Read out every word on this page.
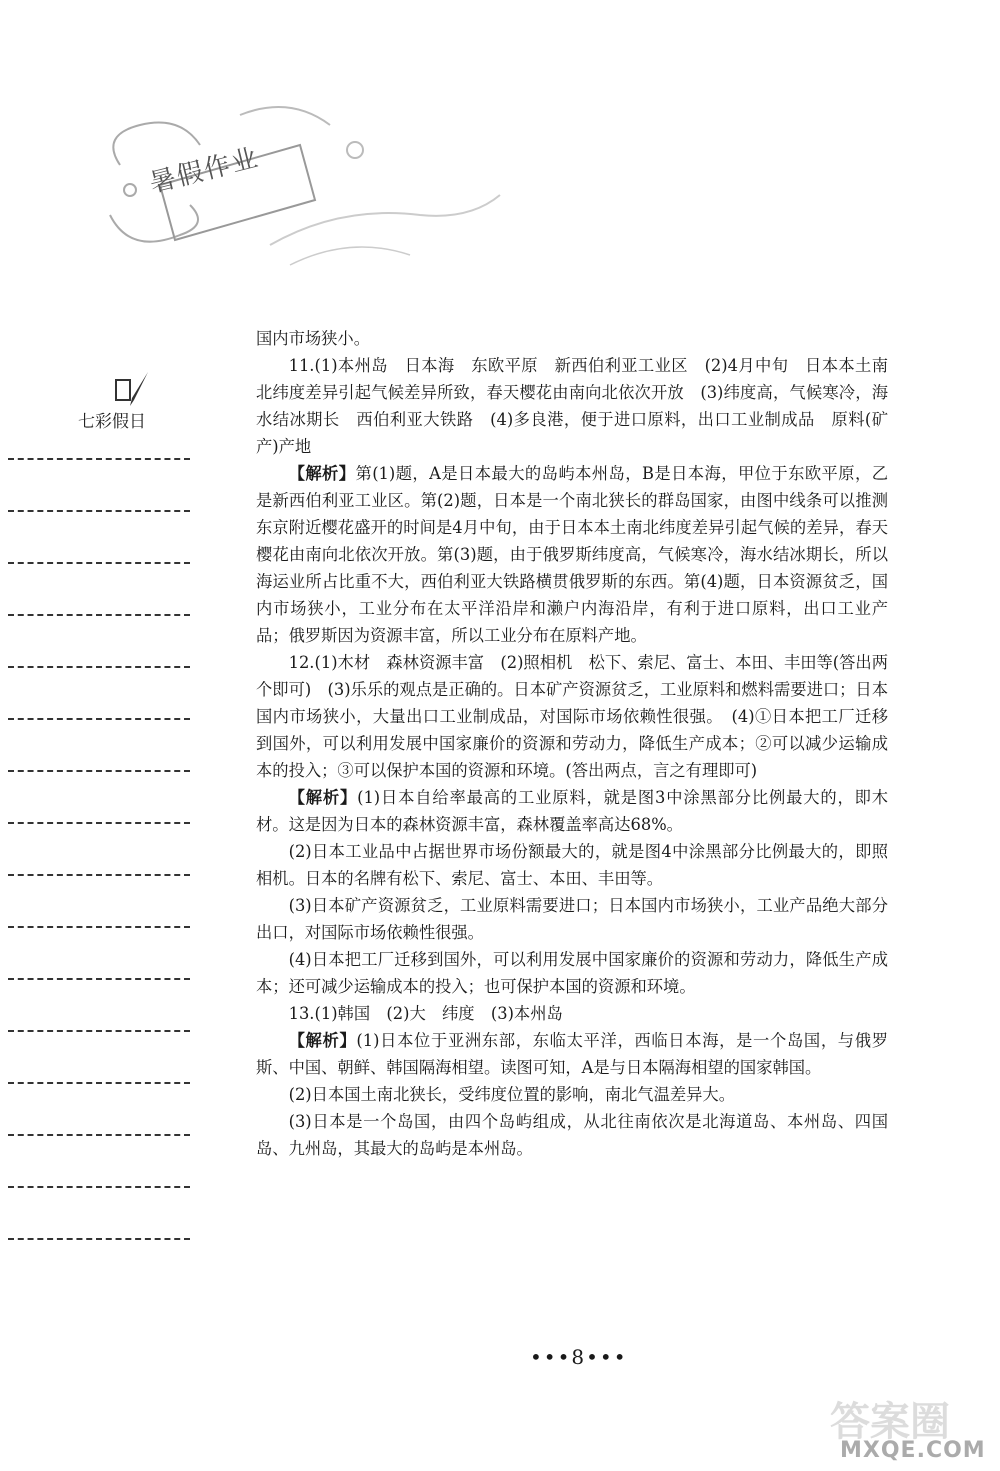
暑假作业
七彩假日

国内市场狭小。

11.(1)本州岛　日本海　东欧平原　新西伯利亚工业区　(2)4月中旬　日本本土南北纬度差异引起气候差异所致，春天樱花由南向北依次开放　(3)纬度高，气候寒冷，海水结冰期长　西伯利亚大铁路　(4)多良港，便于进口原料，出口工业制成品　原料(矿产)产地

【解析】第(1)题，A是日本最大的岛屿本州岛，B是日本海，甲位于东欧平原，乙是新西伯利亚工业区。第(2)题，日本是一个南北狭长的群岛国家，由图中线条可以推测东京附近樱花盛开的时间是4月中旬，由于日本本土南北纬度差异引起气候的差异，春天樱花由南向北依次开放。第(3)题，由于俄罗斯纬度高，气候寒冷，海水结冰期长，所以海运业所占比重不大，西伯利亚大铁路横贯俄罗斯的东西。第(4)题，日本资源贫乏，国内市场狭小，工业分布在太平洋沿岸和濑户内海沿岸，有利于进口原料，出口工业产品；俄罗斯因为资源丰富，所以工业分布在原料产地。

12.(1)木材　森林资源丰富　(2)照相机　松下、索尼、富士、本田、丰田等(答出两个即可)　(3)乐乐的观点是正确的。日本矿产资源贫乏，工业原料和燃料需要进口；日本国内市场狭小，大量出口工业制成品，对国际市场依赖性很强。　(4)①日本把工厂迁移到国外，可以利用发展中国家廉价的资源和劳动力，降低生产成本；②可以减少运输成本的投入；③可以保护本国的资源和环境。(答出两点，言之有理即可)

【解析】(1)日本自给率最高的工业原料，就是图3中涂黑部分比例最大的，即木材。这是因为日本的森林资源丰富，森林覆盖率高达68%。

(2)日本工业品中占据世界市场份额最大的，就是图4中涂黑部分比例最大的，即照相机。日本的名牌有松下、索尼、富士、本田、丰田等。

(3)日本矿产资源贫乏，工业原料需要进口；日本国内市场狭小，工业产品绝大部分出口，对国际市场依赖性很强。

(4)日本把工厂迁移到国外，可以利用发展中国家廉价的资源和劳动力，降低生产成本；还可减少运输成本的投入；也可保护本国的资源和环境。

13.(1)韩国　(2)大　纬度　(3)本州岛

【解析】(1)日本位于亚洲东部，东临太平洋，西临日本海，是一个岛国，与俄罗斯、中国、朝鲜、韩国隔海相望。读图可知，A是与日本隔海相望的国家韩国。

(2)日本国土南北狭长，受纬度位置的影响，南北气温差异大。

(3)日本是一个岛国，由四个岛屿组成，从北往南依次是北海道岛、本州岛、四国岛、九州岛，其最大的岛屿是本州岛。

•••8•••
答案圈
MXQE.COM
